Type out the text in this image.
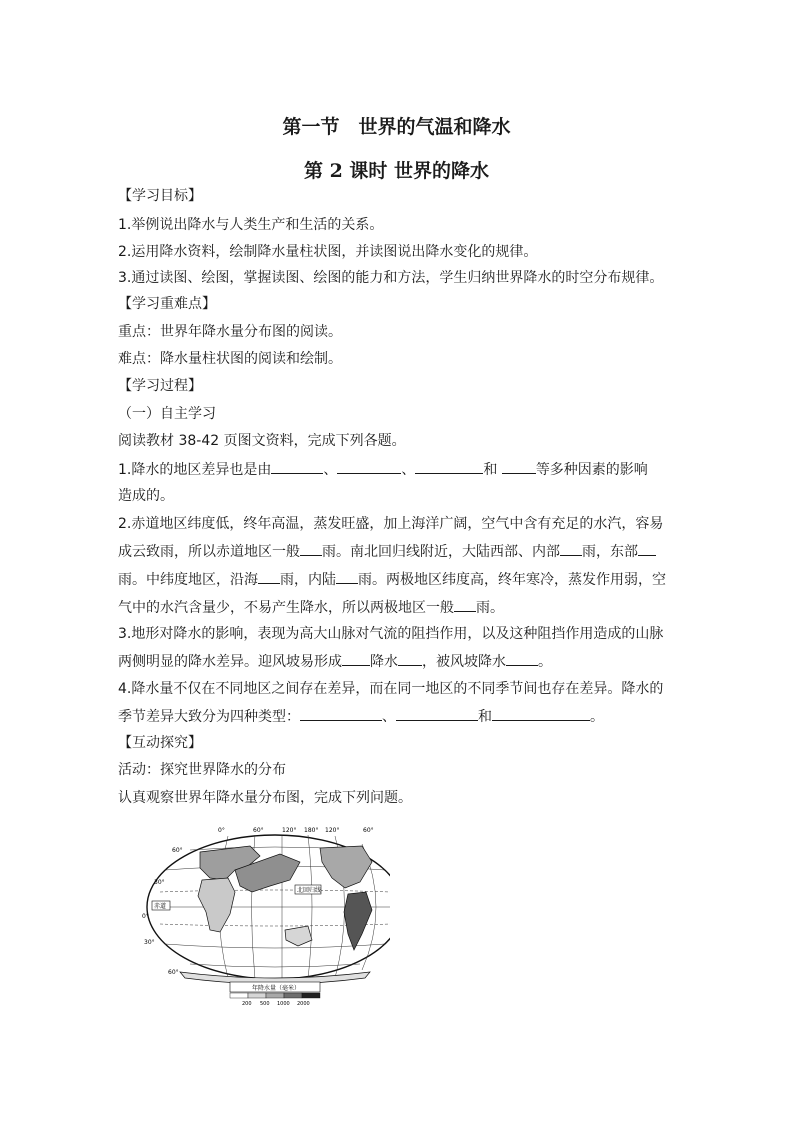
第一节　世界的气温和降水
第 2 课时 世界的降水
【学习目标】
1.举例说出降水与人类生产和生活的关系。
2.运用降水资料，绘制降水量柱状图，并读图说出降水变化的规律。
3.通过读图、绘图，掌握读图、绘图的能力和方法，学生归纳世界降水的时空分布规律。
【学习重难点】
重点：世界年降水量分布图的阅读。
难点：降水量柱状图的阅读和绘制。
【学习过程】
（一）自主学习
阅读教材 38-42 页图文资料，完成下列各题。
1.降水的地区差异也是由	、	、	和 等多种因素的影响
造成的。
2.赤道地区纬度低，终年高温，蒸发旺盛，加上海洋广阔，空气中含有充足的水汽，容易
成云致雨，所以赤道地区一般 雨。南北回归线附近，大陆西部、内部 雨，东部
雨。中纬度地区，沿海 雨，内陆 雨。两极地区纬度高，终年寒冷，蒸发作用弱，空
气中的水汽含量少，不易产生降水，所以两极地区一般 雨。
3.地形对降水的影响，表现为高大山脉对气流的阻挡作用，以及这种阻挡作用造成的山脉
两侧明显的降水差异。迎风坡易形成 降水 ，被风坡降水 。
4.降水量不仅在不同地区之间存在差异，而在同一地区的不同季节间也存在差异。降水的
季节差异大致分为四种类型：	、	和	。
【互动探究】
活动：探究世界降水的分布
认真观察世界年降水量分布图，完成下列问题。
0°	60°	120° 180° 120°	60°
北回归线
赤道
60°
30°
0°
30°
60°
年降水量（毫米）
200 500 1000 2000
